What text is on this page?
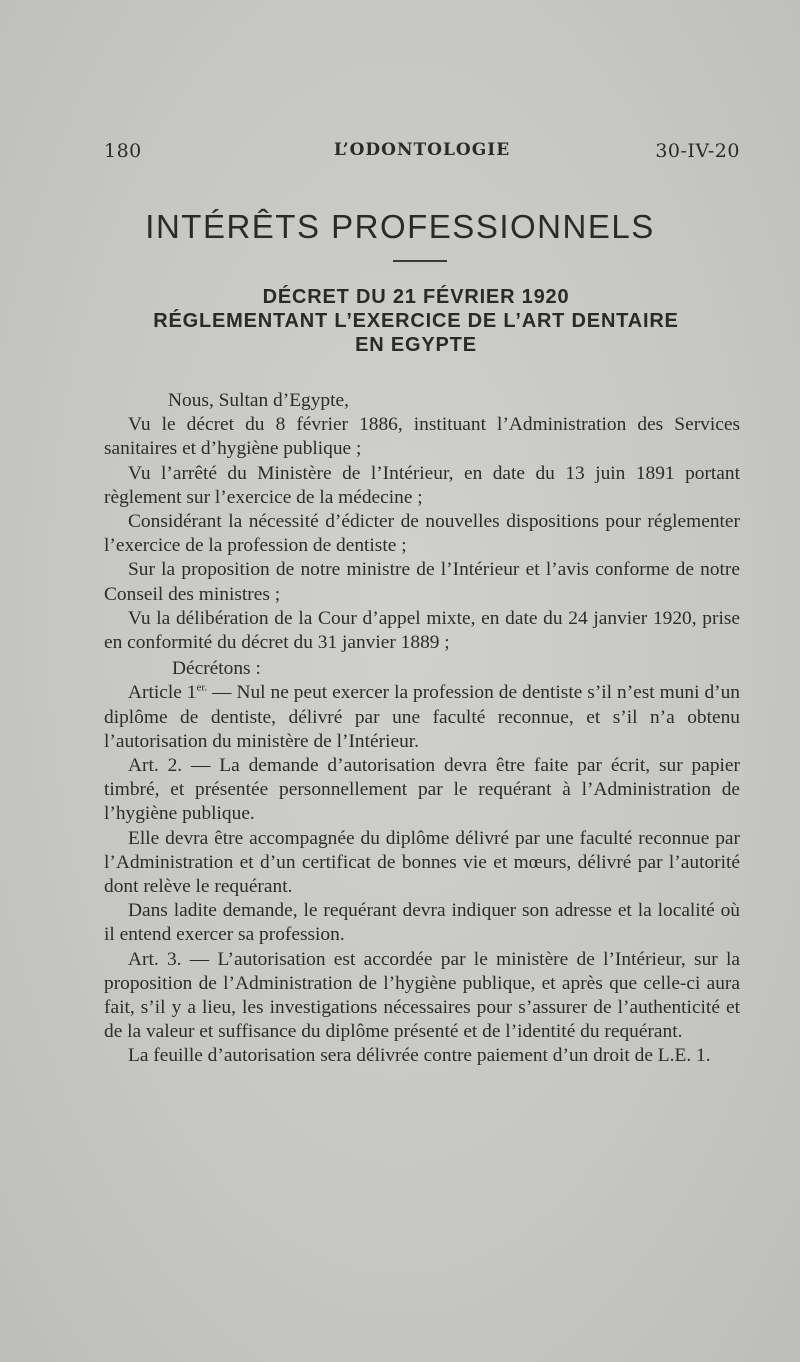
180	L’ODONTOLOGIE	30-IV-20
INTÉRÊTS PROFESSIONNELS
DÉCRET DU 21 FÉVRIER 1920
RÉGLEMENTANT L’EXERCICE DE L’ART DENTAIRE
EN EGYPTE

Nous, Sultan d’Egypte,

Vu le décret du 8 février 1886, instituant l’Administration des Services sanitaires et d’hygiène publique ;

Vu l’arrêté du Ministère de l’Intérieur, en date du 13 juin 1891 portant règlement sur l’exercice de la médecine ;

Considérant la nécessité d’édicter de nouvelles dispositions pour réglementer l’exercice de la profession de dentiste ;

Sur la proposition de notre ministre de l’Intérieur et l’avis conforme de notre Conseil des ministres ;

Vu la délibération de la Cour d’appel mixte, en date du 24 janvier 1920, prise en conformité du décret du 31 janvier 1889 ;

Décrétons :

Article $1^{er.}$ — Nul ne peut exercer la profession de dentiste s’il n’est muni d’un diplôme de dentiste, délivré par une faculté reconnue, et s’il n’a obtenu l’autorisation du ministère de l’Intérieur.

Art. 2. — La demande d’autorisation devra être faite par écrit, sur papier timbré, et présentée personnellement par le requérant à l’Administration de l’hygiène publique.

Elle devra être accompagnée du diplôme délivré par une faculté reconnue par l’Administration et d’un certificat de bonnes vie et mœurs, délivré par l’autorité dont relève le requérant.

Dans ladite demande, le requérant devra indiquer son adresse et la localité où il entend exercer sa profession.

Art. 3. — L’autorisation est accordée par le ministère de l’Intérieur, sur la proposition de l’Administration de l’hygiène publique, et après que celle-ci aura fait, s’il y a lieu, les investigations nécessaires pour s’assurer de l’authenticité et de la valeur et suffisance du diplôme présenté et de l’identité du requérant.

La feuille d’autorisation sera délivrée contre paiement d’un droit de L.E. 1.
